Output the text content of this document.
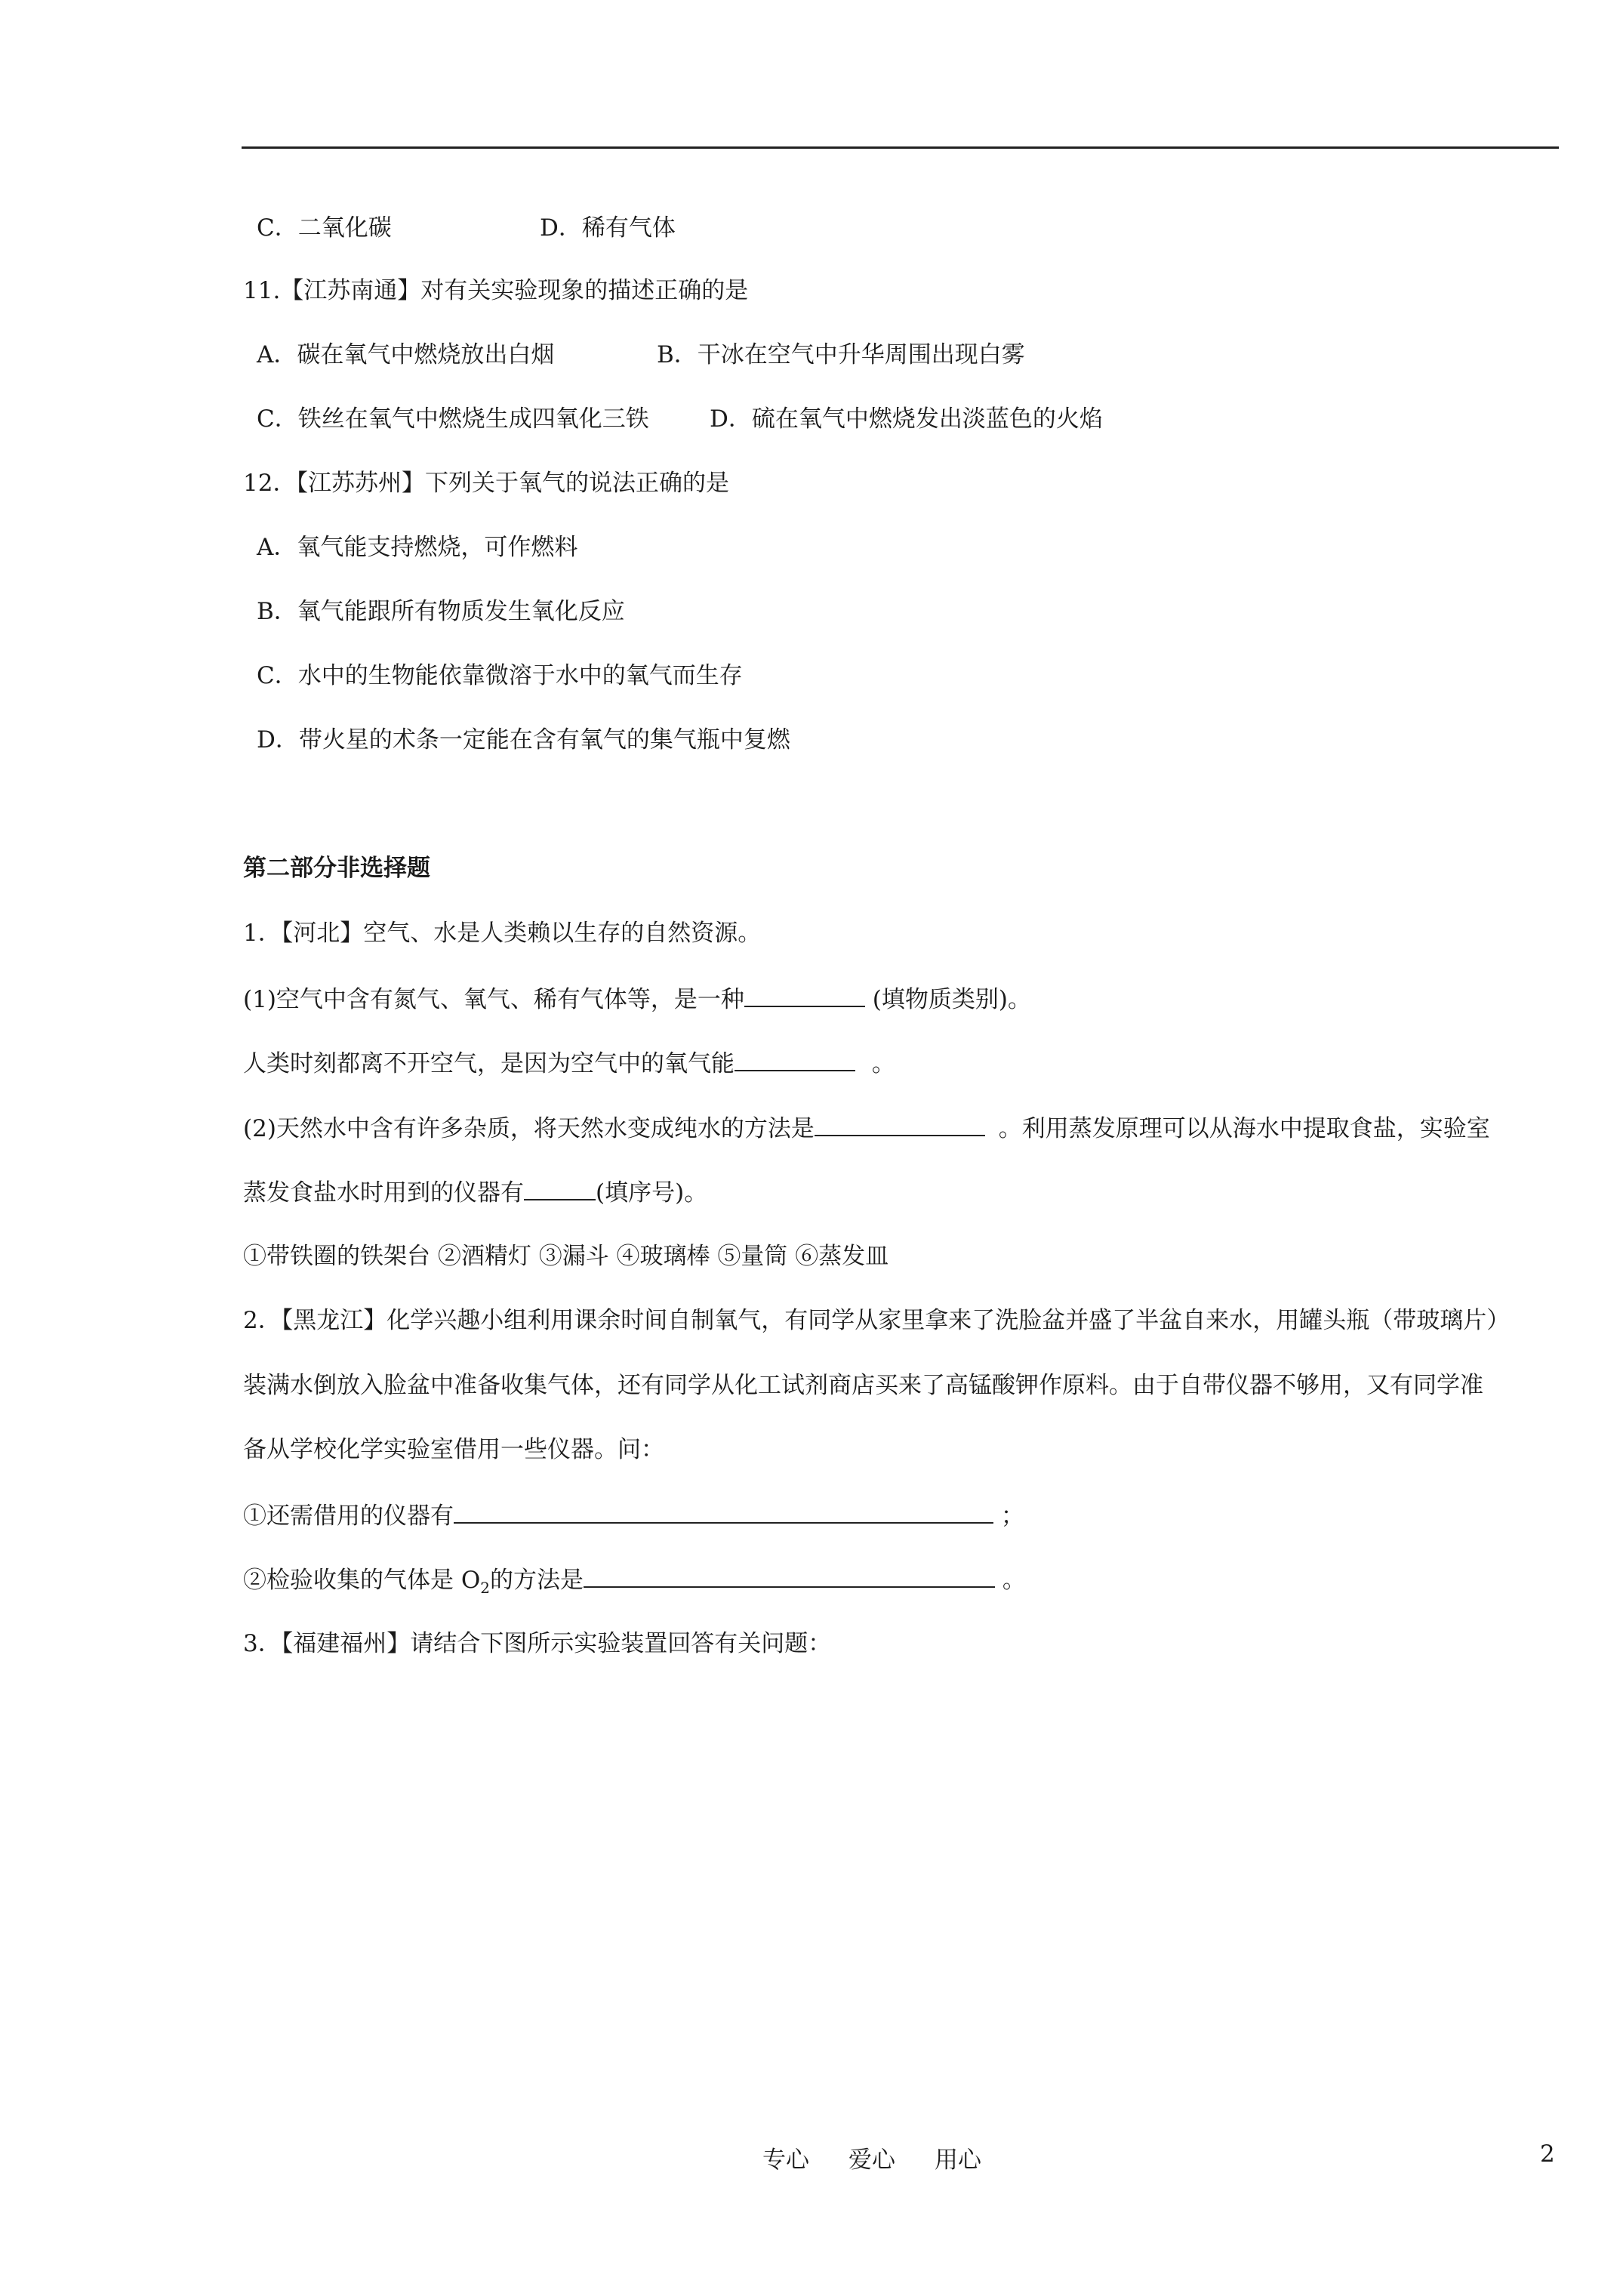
C．二氧化碳	D．稀有气体
11.【江苏南通】对有关实验现象的描述正确的是
A．碳在氧气中燃烧放出白烟	B．干冰在空气中升华周围出现白雾
C．铁丝在氧气中燃烧生成四氧化三铁	D．硫在氧气中燃烧发出淡蓝色的火焰
12．【江苏苏州】下列关于氧气的说法正确的是
A．氧气能支持燃烧，可作燃料
B．氧气能跟所有物质发生氧化反应
C．水中的生物能依靠微溶于水中的氧气而生存
D．带火星的术条一定能在含有氧气的集气瓶中复燃
第二部分非选择题
1．【河北】空气、水是人类赖以生存的自然资源。
(1)空气中含有氮气、氧气、稀有气体等，是一种	(填物质类别)。
人类时刻都离不开空气，是因为空气中的氧气能	。
(2)天然水中含有许多杂质，将天然水变成纯水的方法是	。利用蒸发原理可以从海水中提取食盐，实验室
蒸发食盐水时用到的仪器有	(填序号)。
①带铁圈的铁架台 ②酒精灯 ③漏斗 ④玻璃棒 ⑤量筒 ⑥蒸发皿
2．【黑龙江】化学兴趣小组利用课余时间自制氧气，有同学从家里拿来了洗脸盆并盛了半盆自来水，用罐头瓶（带玻璃片）
装满水倒放入脸盆中准备收集气体，还有同学从化工试剂商店买来了高锰酸钾作原料。由于自带仪器不够用，又有同学准
备从学校化学实验室借用一些仪器。问：
①还需借用的仪器有	；
②检验收集的气体是 $O_2$的方法是	。
3．【福建福州】请结合下图所示实验装置回答有关问题：
专心 爱心 用心	2
